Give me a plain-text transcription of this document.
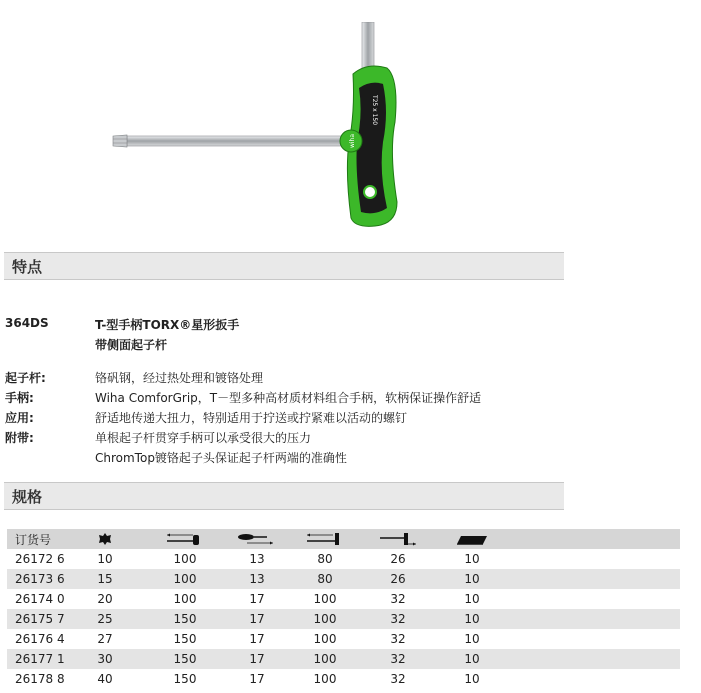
wiha
T25 x 150
特点
364DS	T-型手柄TORX®星形扳手
带侧面起子杆
起子杆:	铬矾钢，经过热处理和镀铬处理
手柄:	Wiha ComforGrip，T－型多种高材质材料组合手柄，软柄保证操作舒适
应用:	舒适地传递大扭力，特别适用于拧送或拧紧难以活动的螺钉
附带:	单根起子杆贯穿手柄可以承受很大的压力
ChromTop镀铬起子头保证起子杆两端的准确性
规格
订货号							
26172 6	10	100	13	80	26	10	
26173 6	15	100	13	80	26	10	
26174 0	20	100	17	100	32	10	
26175 7	25	150	17	100	32	10	
26176 4	27	150	17	100	32	10	
26177 1	30	150	17	100	32	10	
26178 8	40	150	17	100	32	10	
